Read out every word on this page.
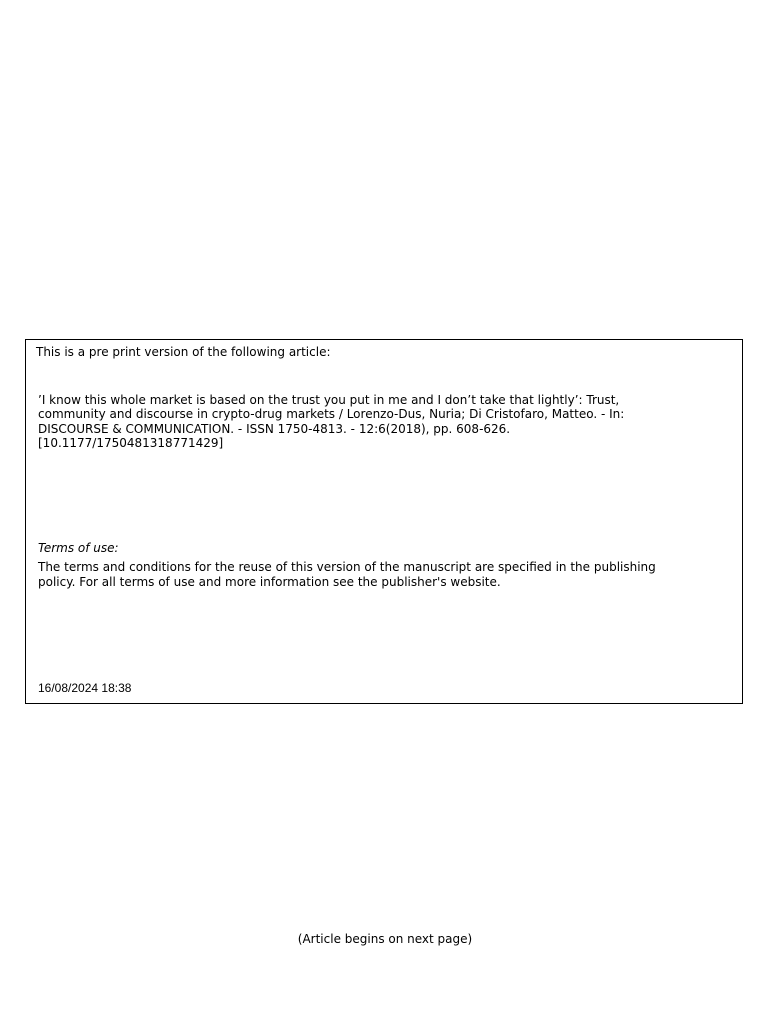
This is a pre print version of the following article:
’I know this whole market is based on the trust you put in me and I don’t take that lightly’: Trust,
community and discourse in crypto-drug markets / Lorenzo-Dus, Nuria; Di Cristofaro, Matteo. - In:
DISCOURSE & COMMUNICATION. - ISSN 1750-4813. - 12:6(2018), pp. 608-626.
[10.1177/1750481318771429]
Terms of use:
The terms and conditions for the reuse of this version of the manuscript are specified in the publishing
policy. For all terms of use and more information see the publisher's website.
16/08/2024 18:38
(Article begins on next page)
